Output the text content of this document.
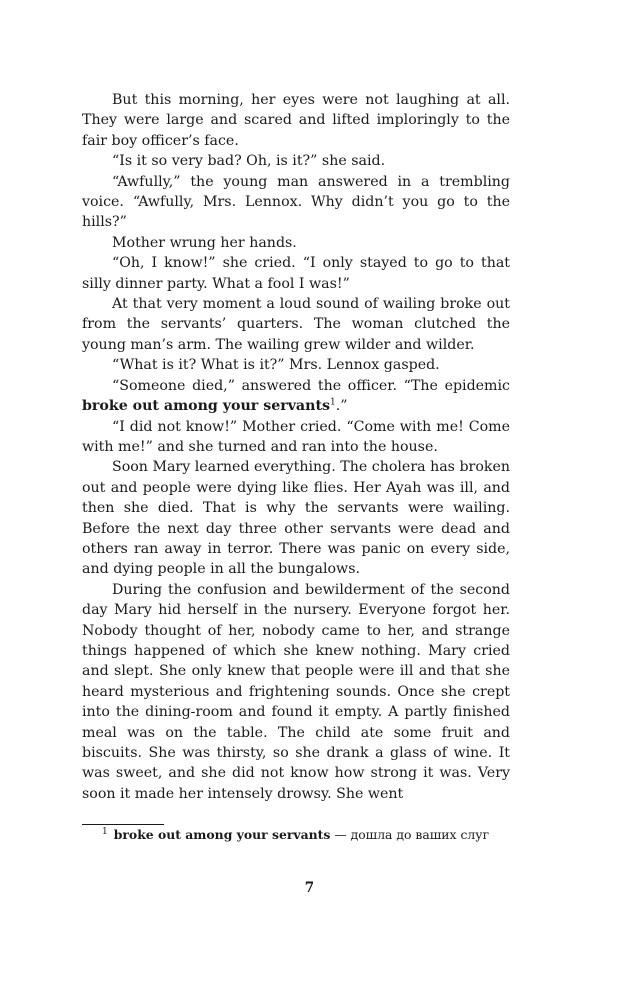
But this morning, her eyes were not laughing at all. They were large and scared and lifted imploringly to the fair boy officer’s face.

“Is it so very bad? Oh, is it?” she said.

“Awfully,” the young man answered in a trembling voice. “Awfully, Mrs. Lennox. Why didn’t you go to the hills?”

Mother wrung her hands.

“Oh, I know!” she cried. “I only stayed to go to that silly dinner party. What a fool I was!”

At that very moment a loud sound of wailing broke out from the servants’ quarters. The woman clutched the young man’s arm. The wailing grew wilder and wilder.

“What is it? What is it?” Mrs. Lennox gasped.

“Someone died,” answered the officer. “The epidemic broke out among your servants$^1$.”

“I did not know!” Mother cried. “Come with me! Come with me!” and she turned and ran into the house.

Soon Mary learned everything. The cholera has broken out and people were dying like flies. Her Ayah was ill, and then she died. That is why the servants were wailing. Before the next day three other servants were dead and others ran away in terror. There was panic on every side, and dying people in all the bungalows.

During the confusion and bewilderment of the second day Mary hid herself in the nursery. Everyone forgot her. Nobody thought of her, nobody came to her, and strange things happened of which she knew nothing. Mary cried and slept. She only knew that people were ill and that she heard mysterious and frightening sounds. Once she crept into the dining-room and found it empty. A partly finished meal was on the table. The child ate some fruit and biscuits. She was thirsty, so she drank a glass of wine. It was sweet, and she did not know how strong it was. Very soon it made her intensely drowsy. She went

$^1$ broke out among your servants — дошла до ваших слуг

7
